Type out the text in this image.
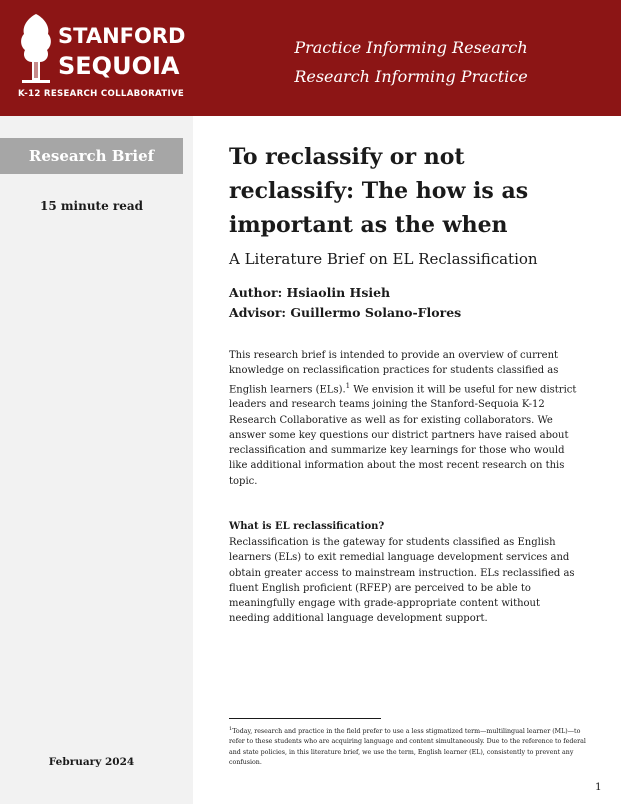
STANFORD
SEQUOIA
K-12 RESEARCH COLLABORATIVE
Practice Informing Research
Research Informing Practice
Research Brief
15 minute read
February 2024
To reclassify or not reclassify: The how is as important as the when
A Literature Brief on EL Reclassification
Author: Hsiaolin Hsieh
Advisor: Guillermo Solano-Flores

This research brief is intended to provide an overview of current knowledge on reclassification practices for students classified as English learners (ELs).$^1$ We envision it will be useful for new district leaders and research teams joining the Stanford-Sequoia K-12 Research Collaborative as well as for existing collaborators. We answer some key questions our district partners have raised about reclassification and summarize key learnings for those who would like additional information about the most recent research on this topic.

What is EL reclassification?

Reclassification is the gateway for students classified as English learners (ELs) to exit remedial language development services and obtain greater access to mainstream instruction. ELs reclassified as fluent English proficient (RFEP) are perceived to be able to meaningfully engage with grade-appropriate content without needing additional language development support.

$^1$Today, research and practice in the field prefer to use a less stigmatized term—multilingual learner (ML)—to refer to these students who are acquiring language and content simultaneously. Due to the reference to federal and state policies, in this literature brief, we use the term, English learner (EL), consistently to prevent any confusion.

1
